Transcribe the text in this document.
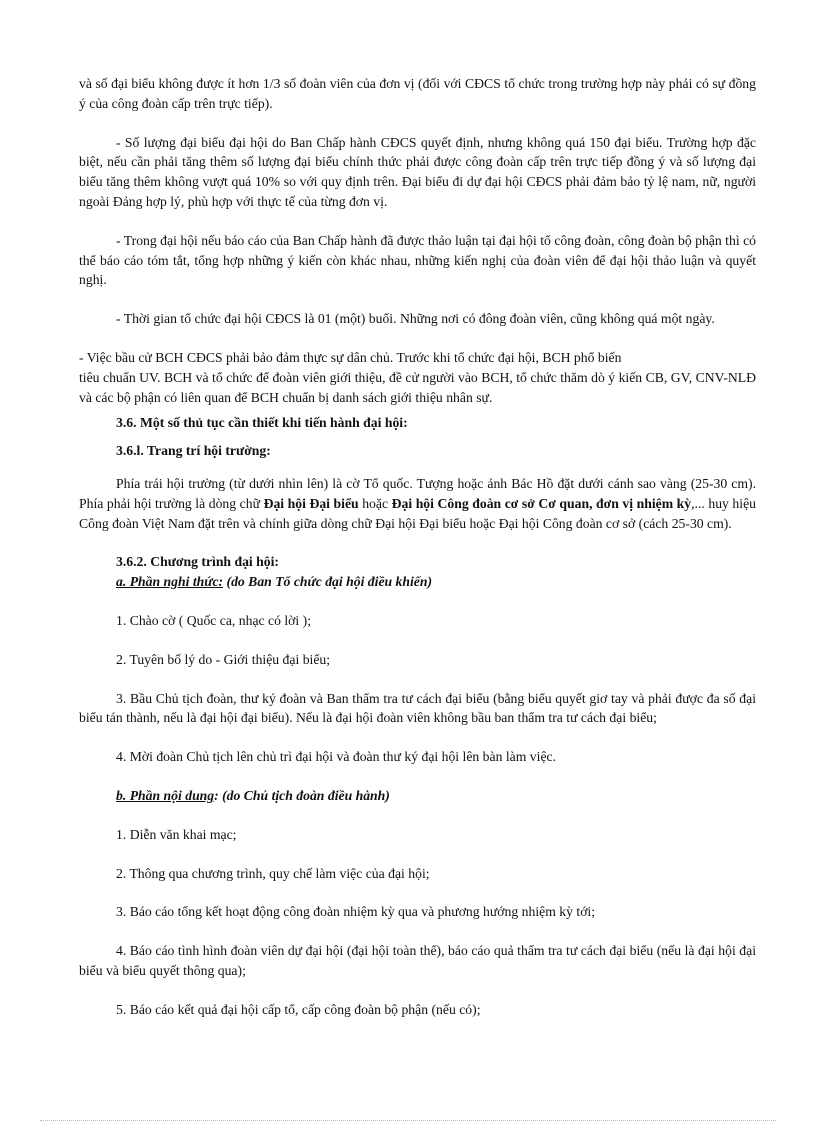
và số đại biểu không được ít hơn 1/3 số đoàn viên của đơn vị (đối với CĐCS tổ chức trong trường hợp này phải có sự đồng ý của công đoàn cấp trên trực tiếp).

- Số lượng đại biểu đại hội do Ban Chấp hành CĐCS quyết định, nhưng không quá 150 đại biểu. Trường hợp đặc biệt, nếu cần phải tăng thêm số lượng đại biểu chính thức phải được công đoàn cấp trên trực tiếp đồng ý và số lượng đại biểu tăng thêm không vượt quá 10% so với quy định trên. Đại biểu đi dự đại hội CĐCS phải đảm bảo tỷ lệ nam, nữ, người ngoài Đảng hợp lý, phù hợp với thực tế của từng đơn vị.

- Trong đại hội nếu báo cáo của Ban Chấp hành đã được thảo luận tại đại hội tổ công đoàn, công đoàn bộ phận thì có thể báo cáo tóm tắt, tổng hợp những ý kiến còn khác nhau, những kiến nghị của đoàn viên để đại hội thảo luận và quyết nghị.

- Thời gian tổ chức đại hội CĐCS là 01 (một) buổi. Những nơi có đông đoàn viên, cũng không quá một ngày.

- Việc bầu cử BCH CĐCS phải bảo đảm thực sự dân chủ. Trước khi tổ chức đại hội, BCH phổ biến

tiêu chuẩn UV. BCH và tổ chức để đoàn viên giới thiệu, đề cử người vào BCH, tổ chức thăm dò ý kiến CB, GV, CNV-NLĐ và các bộ phận có liên quan để BCH chuẩn bị danh sách giới thiệu nhân sự.

3.6. Một số thủ tục cần thiết khi tiến hành đại hội:

3.6.l. Trang trí hội trường:

Phía trái hội trường (từ dưới nhìn lên) là cờ Tổ quốc. Tượng hoặc ảnh Bác Hồ đặt dưới cánh sao vàng (25-30 cm). Phía phải hội trường là dòng chữ Đại hội Đại biểu hoặc Đại hội Công đoàn cơ sở Cơ quan, đơn vị nhiệm kỳ,... huy hiệu Công đoàn Việt Nam đặt trên và chính giữa dòng chữ Đại hội Đại biểu hoặc Đại hội Công đoàn cơ sở (cách 25-30 cm).

3.6.2. Chương trình đại hội:

a. Phần nghi thức: (do Ban Tổ chức đại hội điều khiển)

1. Chào cờ ( Quốc ca, nhạc có lời );

2. Tuyên bố lý do - Giới thiệu đại biểu;

3. Bầu Chủ tịch đoàn, thư ký đoàn và Ban thẩm tra tư cách đại biểu (bằng biểu quyết giơ tay và phải được đa số đại biểu tán thành, nếu là đại hội đại biểu). Nếu là đại hội đoàn viên không bầu ban thẩm tra tư cách đại biểu;

4. Mời đoàn Chủ tịch lên chủ trì đại hội và đoàn thư ký đại hội lên bàn làm việc.

b. Phần nội dung: (do Chủ tịch đoàn điều hành)

1. Diễn văn khai mạc;

2. Thông qua chương trình, quy chế làm việc của đại hội;

3. Báo cáo tổng kết hoạt động công đoàn nhiệm kỳ qua và phương hướng nhiệm kỳ tới;

4. Báo cáo tình hình đoàn viên dự đại hội (đại hội toàn thể), báo cáo quả thẩm tra tư cách đại biểu (nếu là đại hội đại biểu và biểu quyết thông qua);

5. Báo cáo kết quả đại hội cấp tổ, cấp công đoàn bộ phận (nếu có);
